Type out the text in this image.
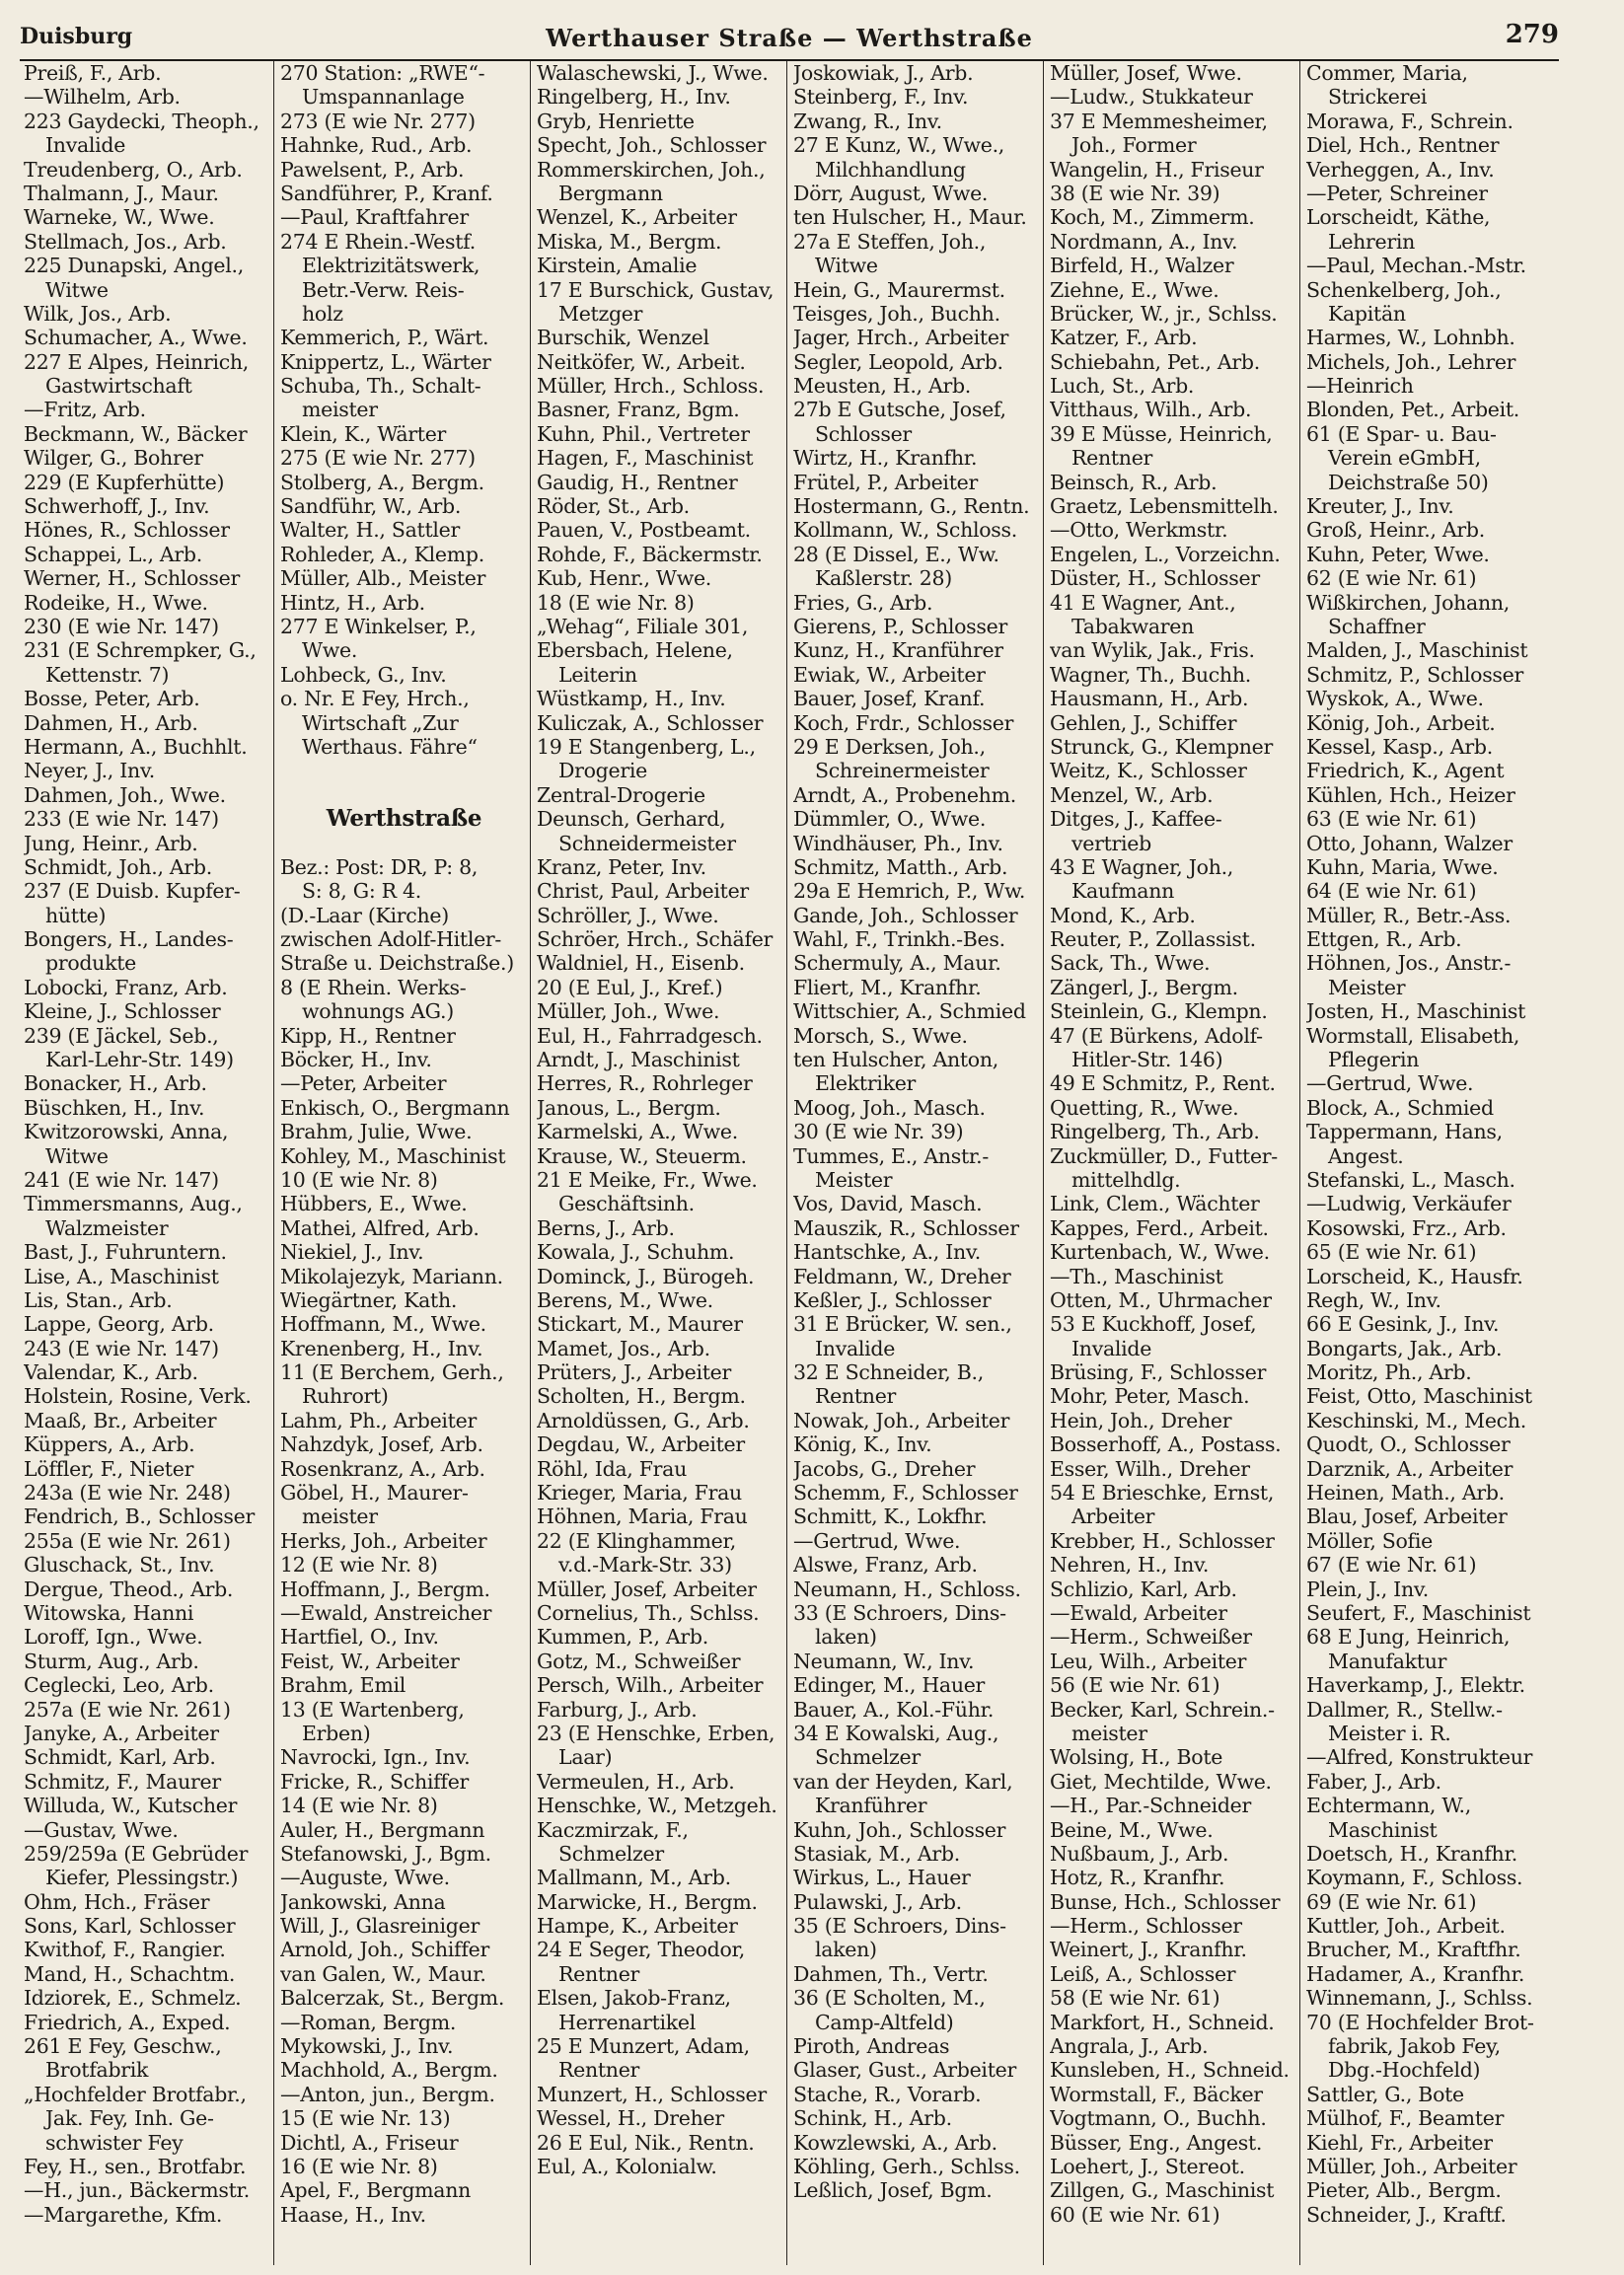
Duisburg	Werthauser Straße — Werthstraße	279
Preiß, F., Arb.
—Wilhelm, Arb.
223 Gaydecki, Theoph.,
Invalide
Treudenberg, O., Arb.
Thalmann, J., Maur.
Warneke, W., Wwe.
Stellmach, Jos., Arb.
225 Dunapski, Angel.,
Witwe
Wilk, Jos., Arb.
Schumacher, A., Wwe.
227 E Alpes, Heinrich,
Gastwirtschaft
—Fritz, Arb.
Beckmann, W., Bäcker
Wilger, G., Bohrer
229 (E Kupferhütte)
Schwerhoff, J., Inv.
Hönes, R., Schlosser
Schappei, L., Arb.
Werner, H., Schlosser
Rodeike, H., Wwe.
230 (E wie Nr. 147)
231 (E Schrempker, G.,
Kettenstr. 7)
Bosse, Peter, Arb.
Dahmen, H., Arb.
Hermann, A., Buchhlt.
Neyer, J., Inv.
Dahmen, Joh., Wwe.
233 (E wie Nr. 147)
Jung, Heinr., Arb.
Schmidt, Joh., Arb.
237 (E Duisb. Kupfer-
hütte)
Bongers, H., Landes-
produkte
Lobocki, Franz, Arb.
Kleine, J., Schlosser
239 (E Jäckel, Seb.,
Karl-Lehr-Str. 149)
Bonacker, H., Arb.
Büschken, H., Inv.
Kwitzorowski, Anna,
Witwe
241 (E wie Nr. 147)
Timmersmanns, Aug.,
Walzmeister
Bast, J., Fuhruntern.
Lise, A., Maschinist
Lis, Stan., Arb.
Lappe, Georg, Arb.
243 (E wie Nr. 147)
Valendar, K., Arb.
Holstein, Rosine, Verk.
Maaß, Br., Arbeiter
Küppers, A., Arb.
Löffler, F., Nieter
243a (E wie Nr. 248)
Fendrich, B., Schlosser
255a (E wie Nr. 261)
Gluschack, St., Inv.
Dergue, Theod., Arb.
Witowska, Hanni
Loroff, Ign., Wwe.
Sturm, Aug., Arb.
Ceglecki, Leo, Arb.
257a (E wie Nr. 261)
Janyke, A., Arbeiter
Schmidt, Karl, Arb.
Schmitz, F., Maurer
Willuda, W., Kutscher
—Gustav, Wwe.
259/259a (E Gebrüder
Kiefer, Plessingstr.)
Ohm, Hch., Fräser
Sons, Karl, Schlosser
Kwithof, F., Rangier.
Mand, H., Schachtm.
Idziorek, E., Schmelz.
Friedrich, A., Exped.
261 E Fey, Geschw.,
Brotfabrik
„Hochfelder Brotfabr.,
Jak. Fey, Inh. Ge-
schwister Fey
Fey, H., sen., Brotfabr.
—H., jun., Bäckermstr.
—Margarethe, Kfm.
270 Station: „RWE“-
Umspannanlage
273 (E wie Nr. 277)
Hahnke, Rud., Arb.
Pawelsent, P., Arb.
Sandführer, P., Kranf.
—Paul, Kraftfahrer
274 E Rhein.-Westf.
Elektrizitätswerk,
Betr.-Verw. Reis-
holz
Kemmerich, P., Wärt.
Knippertz, L., Wärter
Schuba, Th., Schalt-
meister
Klein, K., Wärter
275 (E wie Nr. 277)
Stolberg, A., Bergm.
Sandführ, W., Arb.
Walter, H., Sattler
Rohleder, A., Klemp.
Müller, Alb., Meister
Hintz, H., Arb.
277 E Winkelser, P.,
Wwe.
Lohbeck, G., Inv.
o. Nr. E Fey, Hrch.,
Wirtschaft „Zur
Werthaus. Fähre“
Werthstraße
Bez.: Post: DR, P: 8,
S: 8, G: R 4.
(D.-Laar (Kirche)
zwischen Adolf-Hitler-
Straße u. Deichstraße.)
8 (E Rhein. Werks-
wohnungs AG.)
Kipp, H., Rentner
Böcker, H., Inv.
—Peter, Arbeiter
Enkisch, O., Bergmann
Brahm, Julie, Wwe.
Kohley, M., Maschinist
10 (E wie Nr. 8)
Hübbers, E., Wwe.
Mathei, Alfred, Arb.
Niekiel, J., Inv.
Mikolajezyk, Mariann.
Wiegärtner, Kath.
Hoffmann, M., Wwe.
Krenenberg, H., Inv.
11 (E Berchem, Gerh.,
Ruhrort)
Lahm, Ph., Arbeiter
Nahzdyk, Josef, Arb.
Rosenkranz, A., Arb.
Göbel, H., Maurer-
meister
Herks, Joh., Arbeiter
12 (E wie Nr. 8)
Hoffmann, J., Bergm.
—Ewald, Anstreicher
Hartfiel, O., Inv.
Feist, W., Arbeiter
Brahm, Emil
13 (E Wartenberg,
Erben)
Navrocki, Ign., Inv.
Fricke, R., Schiffer
14 (E wie Nr. 8)
Auler, H., Bergmann
Stefanowski, J., Bgm.
—Auguste, Wwe.
Jankowski, Anna
Will, J., Glasreiniger
Arnold, Joh., Schiffer
van Galen, W., Maur.
Balcerzak, St., Bergm.
—Roman, Bergm.
Mykowski, J., Inv.
Machhold, A., Bergm.
—Anton, jun., Bergm.
15 (E wie Nr. 13)
Dichtl, A., Friseur
16 (E wie Nr. 8)
Apel, F., Bergmann
Haase, H., Inv.
Walaschewski, J., Wwe.
Ringelberg, H., Inv.
Gryb, Henriette
Specht, Joh., Schlosser
Rommerskirchen, Joh.,
Bergmann
Wenzel, K., Arbeiter
Miska, M., Bergm.
Kirstein, Amalie
17 E Burschick, Gustav,
Metzger
Burschik, Wenzel
Neitköfer, W., Arbeit.
Müller, Hrch., Schloss.
Basner, Franz, Bgm.
Kuhn, Phil., Vertreter
Hagen, F., Maschinist
Gaudig, H., Rentner
Röder, St., Arb.
Pauen, V., Postbeamt.
Rohde, F., Bäckermstr.
Kub, Henr., Wwe.
18 (E wie Nr. 8)
„Wehag“, Filiale 301,
Ebersbach, Helene,
Leiterin
Wüstkamp, H., Inv.
Kuliczak, A., Schlosser
19 E Stangenberg, L.,
Drogerie
Zentral-Drogerie
Deunsch, Gerhard,
Schneidermeister
Kranz, Peter, Inv.
Christ, Paul, Arbeiter
Schröller, J., Wwe.
Schröer, Hrch., Schäfer
Waldniel, H., Eisenb.
20 (E Eul, J., Kref.)
Müller, Joh., Wwe.
Eul, H., Fahrradgesch.
Arndt, J., Maschinist
Herres, R., Rohrleger
Janous, L., Bergm.
Karmelski, A., Wwe.
Krause, W., Steuerm.
21 E Meike, Fr., Wwe.
Geschäftsinh.
Berns, J., Arb.
Kowala, J., Schuhm.
Dominck, J., Bürogeh.
Berens, M., Wwe.
Stickart, M., Maurer
Mamet, Jos., Arb.
Prüters, J., Arbeiter
Scholten, H., Bergm.
Arnoldüssen, G., Arb.
Degdau, W., Arbeiter
Röhl, Ida, Frau
Krieger, Maria, Frau
Höhnen, Maria, Frau
22 (E Klinghammer,
v.d.-Mark-Str. 33)
Müller, Josef, Arbeiter
Cornelius, Th., Schlss.
Kummen, P., Arb.
Gotz, M., Schweißer
Persch, Wilh., Arbeiter
Farburg, J., Arb.
23 (E Henschke, Erben,
Laar)
Vermeulen, H., Arb.
Henschke, W., Metzgeh.
Kaczmirzak, F.,
Schmelzer
Mallmann, M., Arb.
Marwicke, H., Bergm.
Hampe, K., Arbeiter
24 E Seger, Theodor,
Rentner
Elsen, Jakob-Franz,
Herrenartikel
25 E Munzert, Adam,
Rentner
Munzert, H., Schlosser
Wessel, H., Dreher
26 E Eul, Nik., Rentn.
Eul, A., Kolonialw.
Joskowiak, J., Arb.
Steinberg, F., Inv.
Zwang, R., Inv.
27 E Kunz, W., Wwe.,
Milchhandlung
Dörr, August, Wwe.
ten Hulscher, H., Maur.
27a E Steffen, Joh.,
Witwe
Hein, G., Maurermst.
Teisges, Joh., Buchh.
Jager, Hrch., Arbeiter
Segler, Leopold, Arb.
Meusten, H., Arb.
27b E Gutsche, Josef,
Schlosser
Wirtz, H., Kranfhr.
Frütel, P., Arbeiter
Hostermann, G., Rentn.
Kollmann, W., Schloss.
28 (E Dissel, E., Ww.
Kaßlerstr. 28)
Fries, G., Arb.
Gierens, P., Schlosser
Kunz, H., Kranführer
Ewiak, W., Arbeiter
Bauer, Josef, Kranf.
Koch, Frdr., Schlosser
29 E Derksen, Joh.,
Schreinermeister
Arndt, A., Probenehm.
Dümmler, O., Wwe.
Windhäuser, Ph., Inv.
Schmitz, Matth., Arb.
29a E Hemrich, P., Ww.
Gande, Joh., Schlosser
Wahl, F., Trinkh.-Bes.
Schermuly, A., Maur.
Fliert, M., Kranfhr.
Wittschier, A., Schmied
Morsch, S., Wwe.
ten Hulscher, Anton,
Elektriker
Moog, Joh., Masch.
30 (E wie Nr. 39)
Tummes, E., Anstr.-
Meister
Vos, David, Masch.
Mauszik, R., Schlosser
Hantschke, A., Inv.
Feldmann, W., Dreher
Keßler, J., Schlosser
31 E Brücker, W. sen.,
Invalide
32 E Schneider, B.,
Rentner
Nowak, Joh., Arbeiter
König, K., Inv.
Jacobs, G., Dreher
Schemm, F., Schlosser
Schmitt, K., Lokfhr.
—Gertrud, Wwe.
Alswe, Franz, Arb.
Neumann, H., Schloss.
33 (E Schroers, Dins-
laken)
Neumann, W., Inv.
Edinger, M., Hauer
Bauer, A., Kol.-Führ.
34 E Kowalski, Aug.,
Schmelzer
van der Heyden, Karl,
Kranführer
Kuhn, Joh., Schlosser
Stasiak, M., Arb.
Wirkus, L., Hauer
Pulawski, J., Arb.
35 (E Schroers, Dins-
laken)
Dahmen, Th., Vertr.
36 (E Scholten, M.,
Camp-Altfeld)
Piroth, Andreas
Glaser, Gust., Arbeiter
Stache, R., Vorarb.
Schink, H., Arb.
Kowzlewski, A., Arb.
Köhling, Gerh., Schlss.
Leßlich, Josef, Bgm.
Müller, Josef, Wwe.
—Ludw., Stukkateur
37 E Memmesheimer,
Joh., Former
Wangelin, H., Friseur
38 (E wie Nr. 39)
Koch, M., Zimmerm.
Nordmann, A., Inv.
Birfeld, H., Walzer
Ziehne, E., Wwe.
Brücker, W., jr., Schlss.
Katzer, F., Arb.
Schiebahn, Pet., Arb.
Luch, St., Arb.
Vitthaus, Wilh., Arb.
39 E Müsse, Heinrich,
Rentner
Beinsch, R., Arb.
Graetz, Lebensmittelh.
—Otto, Werkmstr.
Engelen, L., Vorzeichn.
Düster, H., Schlosser
41 E Wagner, Ant.,
Tabakwaren
van Wylik, Jak., Fris.
Wagner, Th., Buchh.
Hausmann, H., Arb.
Gehlen, J., Schiffer
Strunck, G., Klempner
Weitz, K., Schlosser
Menzel, W., Arb.
Ditges, J., Kaffee-
vertrieb
43 E Wagner, Joh.,
Kaufmann
Mond, K., Arb.
Reuter, P., Zollassist.
Sack, Th., Wwe.
Zängerl, J., Bergm.
Steinlein, G., Klempn.
47 (E Bürkens, Adolf-
Hitler-Str. 146)
49 E Schmitz, P., Rent.
Quetting, R., Wwe.
Ringelberg, Th., Arb.
Zuckmüller, D., Futter-
mittelhdlg.
Link, Clem., Wächter
Kappes, Ferd., Arbeit.
Kurtenbach, W., Wwe.
—Th., Maschinist
Otten, M., Uhrmacher
53 E Kuckhoff, Josef,
Invalide
Brüsing, F., Schlosser
Mohr, Peter, Masch.
Hein, Joh., Dreher
Bosserhoff, A., Postass.
Esser, Wilh., Dreher
54 E Brieschke, Ernst,
Arbeiter
Krebber, H., Schlosser
Nehren, H., Inv.
Schlizio, Karl, Arb.
—Ewald, Arbeiter
—Herm., Schweißer
Leu, Wilh., Arbeiter
56 (E wie Nr. 61)
Becker, Karl, Schrein.-
meister
Wolsing, H., Bote
Giet, Mechtilde, Wwe.
—H., Par.-Schneider
Beine, M., Wwe.
Nußbaum, J., Arb.
Hotz, R., Kranfhr.
Bunse, Hch., Schlosser
—Herm., Schlosser
Weinert, J., Kranfhr.
Leiß, A., Schlosser
58 (E wie Nr. 61)
Markfort, H., Schneid.
Angrala, J., Arb.
Kunsleben, H., Schneid.
Wormstall, F., Bäcker
Vogtmann, O., Buchh.
Büsser, Eng., Angest.
Loehert, J., Stereot.
Zillgen, G., Maschinist
60 (E wie Nr. 61)
Commer, Maria,
Strickerei
Morawa, F., Schrein.
Diel, Hch., Rentner
Verheggen, A., Inv.
—Peter, Schreiner
Lorscheidt, Käthe,
Lehrerin
—Paul, Mechan.-Mstr.
Schenkelberg, Joh.,
Kapitän
Harmes, W., Lohnbh.
Michels, Joh., Lehrer
—Heinrich
Blonden, Pet., Arbeit.
61 (E Spar- u. Bau-
Verein eGmbH,
Deichstraße 50)
Kreuter, J., Inv.
Groß, Heinr., Arb.
Kuhn, Peter, Wwe.
62 (E wie Nr. 61)
Wißkirchen, Johann,
Schaffner
Malden, J., Maschinist
Schmitz, P., Schlosser
Wyskok, A., Wwe.
König, Joh., Arbeit.
Kessel, Kasp., Arb.
Friedrich, K., Agent
Kühlen, Hch., Heizer
63 (E wie Nr. 61)
Otto, Johann, Walzer
Kuhn, Maria, Wwe.
64 (E wie Nr. 61)
Müller, R., Betr.-Ass.
Ettgen, R., Arb.
Höhnen, Jos., Anstr.-
Meister
Josten, H., Maschinist
Wormstall, Elisabeth,
Pflegerin
—Gertrud, Wwe.
Block, A., Schmied
Tappermann, Hans,
Angest.
Stefanski, L., Masch.
—Ludwig, Verkäufer
Kosowski, Frz., Arb.
65 (E wie Nr. 61)
Lorscheid, K., Hausfr.
Regh, W., Inv.
66 E Gesink, J., Inv.
Bongarts, Jak., Arb.
Moritz, Ph., Arb.
Feist, Otto, Maschinist
Keschinski, M., Mech.
Quodt, O., Schlosser
Darznik, A., Arbeiter
Heinen, Math., Arb.
Blau, Josef, Arbeiter
Möller, Sofie
67 (E wie Nr. 61)
Plein, J., Inv.
Seufert, F., Maschinist
68 E Jung, Heinrich,
Manufaktur
Haverkamp, J., Elektr.
Dallmer, R., Stellw.-
Meister i. R.
—Alfred, Konstrukteur
Faber, J., Arb.
Echtermann, W.,
Maschinist
Doetsch, H., Kranfhr.
Koymann, F., Schloss.
69 (E wie Nr. 61)
Kuttler, Joh., Arbeit.
Brucher, M., Kraftfhr.
Hadamer, A., Kranfhr.
Winnemann, J., Schlss.
70 (E Hochfelder Brot-
fabrik, Jakob Fey,
Dbg.-Hochfeld)
Sattler, G., Bote
Mülhof, F., Beamter
Kiehl, Fr., Arbeiter
Müller, Joh., Arbeiter
Pieter, Alb., Bergm.
Schneider, J., Kraftf.
